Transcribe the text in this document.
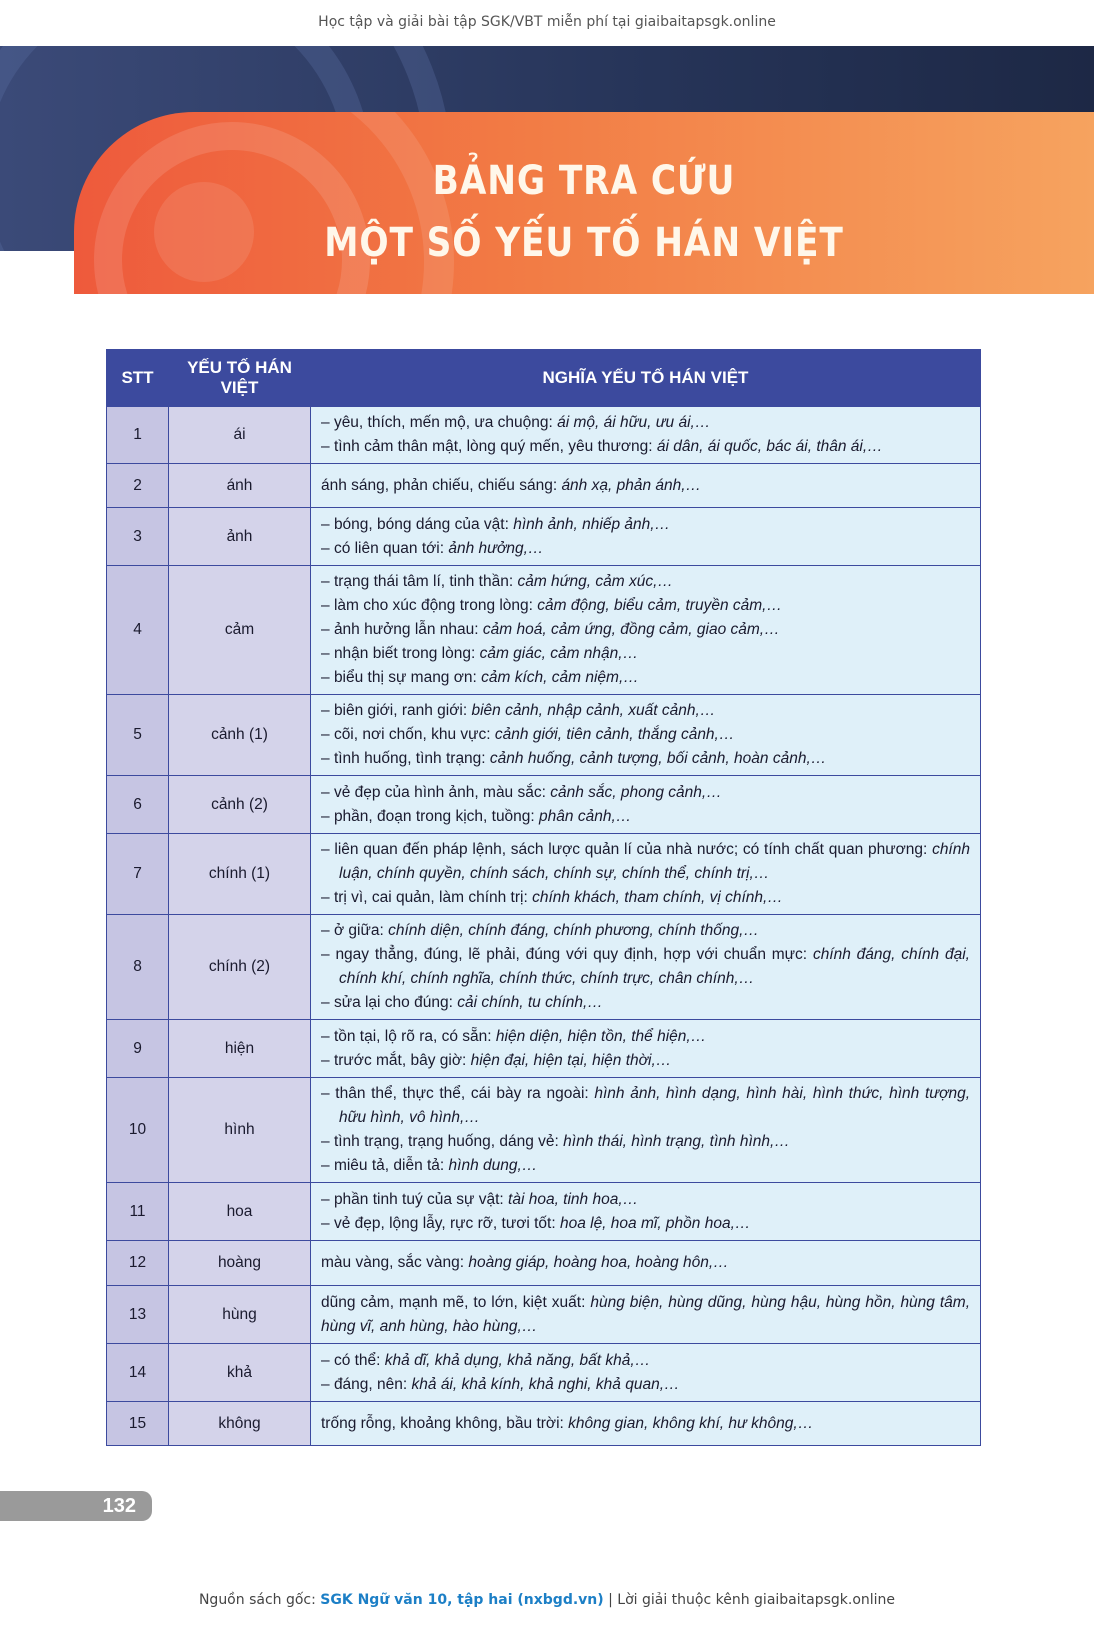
Học tập và giải bài tập SGK/VBT miễn phí tại giaibaitapsgk.online
BẢNG TRA CỨU
MỘT SỐ YẾU TỐ HÁN VIỆT
STT	YẾU TỐ HÁN VIỆT	NGHĨA YẾU TỐ HÁN VIỆT
1	ái	– yêu, thích, mến mộ, ưa chuộng: ái mộ, ái hữu, ưu ái,…
– tình cảm thân mật, lòng quý mến, yêu thương: ái dân, ái quốc, bác ái, thân ái,…

2	ánh	ánh sáng, phản chiếu, chiếu sáng: ánh xạ, phản ánh,…

3	ảnh	– bóng, bóng dáng của vật: hình ảnh, nhiếp ảnh,…
– có liên quan tới: ảnh hưởng,…

4	cảm	– trạng thái tâm lí, tinh thần: cảm hứng, cảm xúc,…
– làm cho xúc động trong lòng: cảm động, biểu cảm, truyền cảm,…
– ảnh hưởng lẫn nhau: cảm hoá, cảm ứng, đồng cảm, giao cảm,…
– nhận biết trong lòng: cảm giác, cảm nhận,…
– biểu thị sự mang ơn: cảm kích, cảm niệm,…

5	cảnh (1)	– biên giới, ranh giới: biên cảnh, nhập cảnh, xuất cảnh,…
– cõi, nơi chốn, khu vực: cảnh giới, tiên cảnh, thắng cảnh,…
– tình huống, tình trạng: cảnh huống, cảnh tượng, bối cảnh, hoàn cảnh,…

6	cảnh (2)	– vẻ đẹp của hình ảnh, màu sắc: cảnh sắc, phong cảnh,…
– phần, đoạn trong kịch, tuồng: phân cảnh,…

7	chính (1)	– liên quan đến pháp lệnh, sách lược quản lí của nhà nước; có tính chất quan phương: chính luận, chính quyền, chính sách, chính sự, chính thể, chính trị,…
– trị vì, cai quản, làm chính trị: chính khách, tham chính, vị chính,…

8	chính (2)	– ở giữa: chính diện, chính đáng, chính phương, chính thống,…
– ngay thẳng, đúng, lẽ phải, đúng với quy định, hợp với chuẩn mực: chính đáng, chính đại, chính khí, chính nghĩa, chính thức, chính trực, chân chính,…
– sửa lại cho đúng: cải chính, tu chính,…

9	hiện	– tồn tại, lộ rõ ra, có sẵn: hiện diện, hiện tồn, thể hiện,…
– trước mắt, bây giờ: hiện đại, hiện tại, hiện thời,…

10	hình	– thân thể, thực thể, cái bày ra ngoài: hình ảnh, hình dạng, hình hài, hình thức, hình tượng, hữu hình, vô hình,…
– tình trạng, trạng huống, dáng vẻ: hình thái, hình trạng, tình hình,…
– miêu tả, diễn tả: hình dung,…

11	hoa	– phần tinh tuý của sự vật: tài hoa, tinh hoa,…
– vẻ đẹp, lộng lẫy, rực rỡ, tươi tốt: hoa lệ, hoa mĩ, phồn hoa,…

12	hoàng	màu vàng, sắc vàng: hoàng giáp, hoàng hoa, hoàng hôn,…

13	hùng	dũng cảm, mạnh mẽ, to lớn, kiệt xuất: hùng biện, hùng dũng, hùng hậu, hùng hồn, hùng tâm, hùng vĩ, anh hùng, hào hùng,…

14	khả	– có thể: khả dĩ, khả dụng, khả năng, bất khả,…
– đáng, nên: khả ái, khả kính, khả nghi, khả quan,…

15	không	trống rỗng, khoảng không, bầu trời: không gian, không khí, hư không,…
132
Nguồn sách gốc: SGK Ngữ văn 10, tập hai (nxbgd.vn) | Lời giải thuộc kênh giaibaitapsgk.online
